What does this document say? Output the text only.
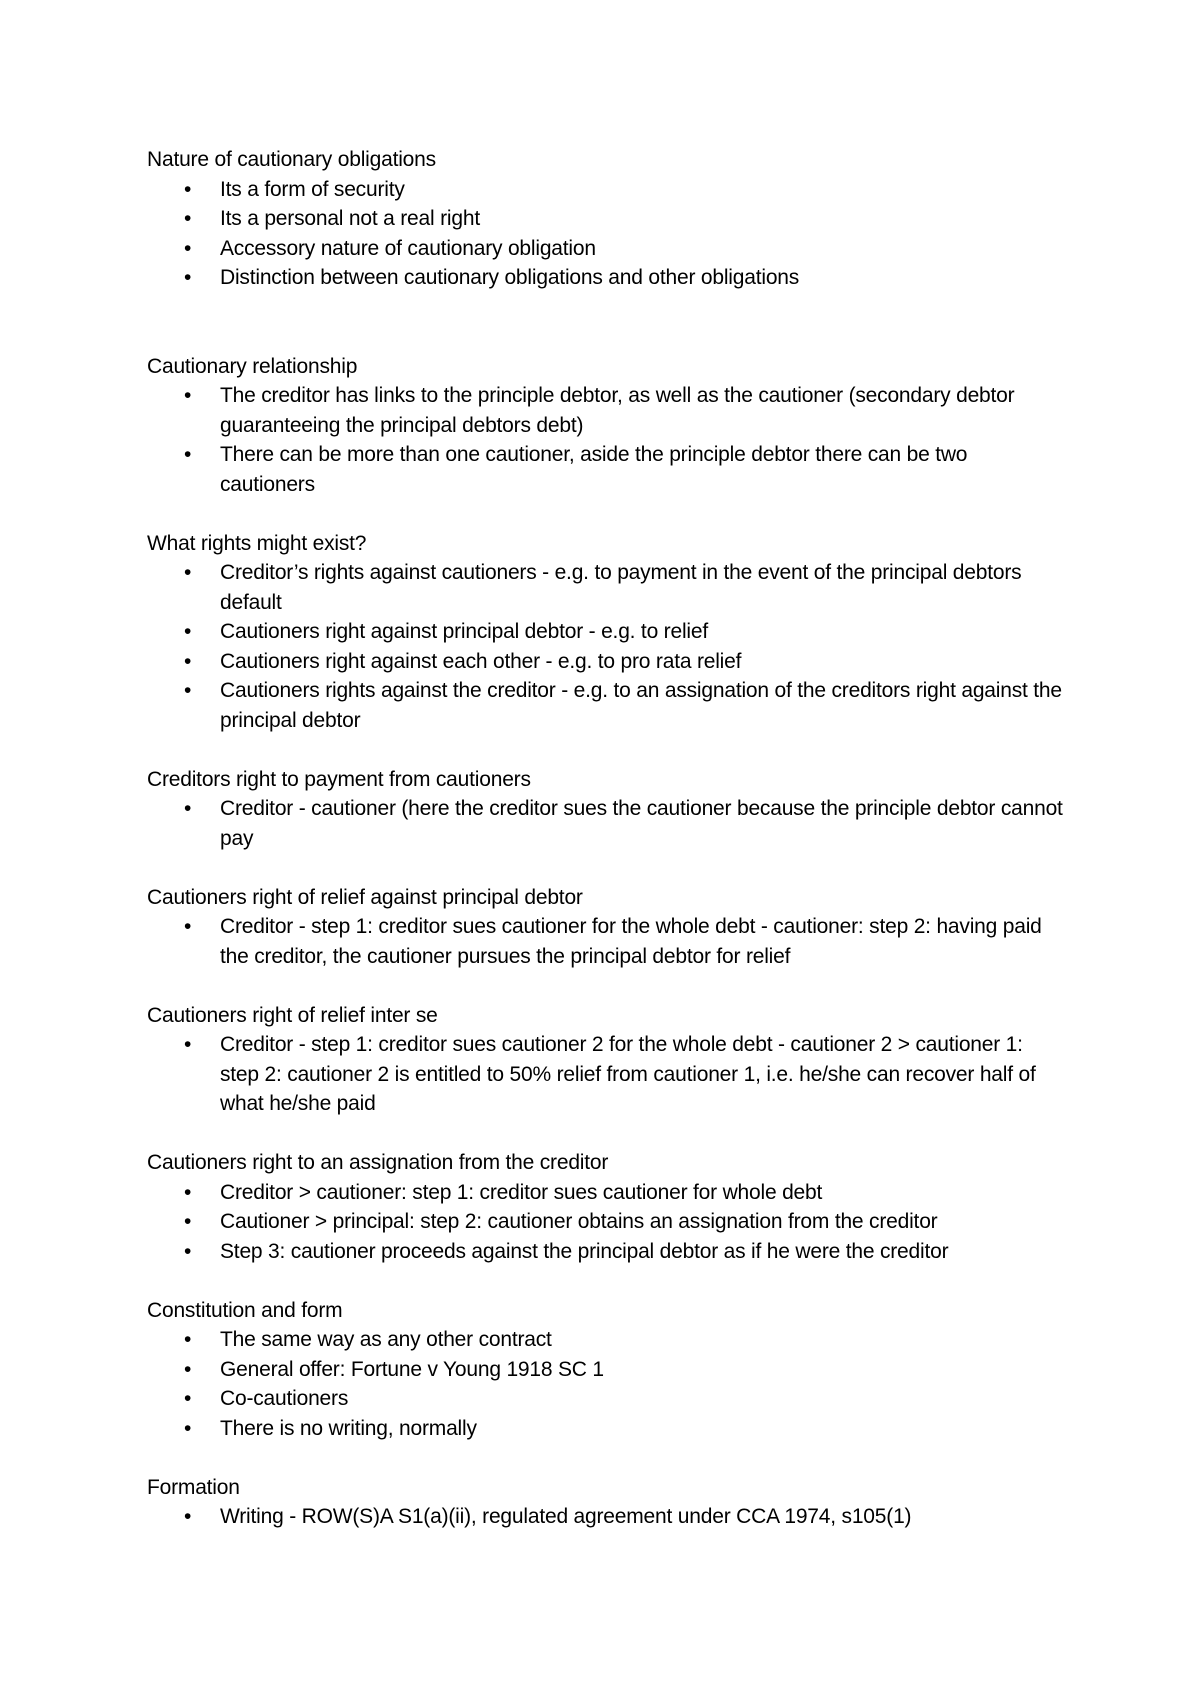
Nature of cautionary obligations
•	Its a form of security
•	Its a personal not a real right
•	Accessory nature of cautionary obligation
•	Distinction between cautionary obligations and other obligations
Cautionary relationship
•	The creditor has links to the principle debtor, as well as the cautioner (secondary debtor guaranteeing the principal debtors debt)
•	There can be more than one cautioner, aside the principle debtor there can be two cautioners
What rights might exist?
•	Creditor’s rights against cautioners - e.g. to payment in the event of the principal debtors default
•	Cautioners right against principal debtor - e.g. to relief
•	Cautioners right against each other - e.g. to pro rata relief
•	Cautioners rights against the creditor - e.g. to an assignation of the creditors right against the principal debtor
Creditors right to payment from cautioners
•	Creditor - cautioner (here the creditor sues the cautioner because the principle debtor cannot pay
Cautioners right of relief against principal debtor
•	Creditor - step 1: creditor sues cautioner for the whole debt - cautioner: step 2: having paid the creditor, the cautioner pursues the principal debtor for relief
Cautioners right of relief inter se
•	Creditor - step 1: creditor sues cautioner 2 for the whole debt - cautioner 2 > cautioner 1: step 2: cautioner 2 is entitled to 50% relief from cautioner 1, i.e. he/she can recover half of what he/she paid
Cautioners right to an assignation from the creditor
•	Creditor > cautioner: step 1: creditor sues cautioner for whole debt
•	Cautioner > principal: step 2: cautioner obtains an assignation from the creditor
•	Step 3: cautioner proceeds against the principal debtor as if he were the creditor
Constitution and form
•	The same way as any other contract
•	General offer: Fortune v Young 1918 SC 1
•	Co-cautioners
•	There is no writing, normally
Formation
•	Writing - ROW(S)A S1(a)(ii), regulated agreement under CCA 1974, s105(1)
